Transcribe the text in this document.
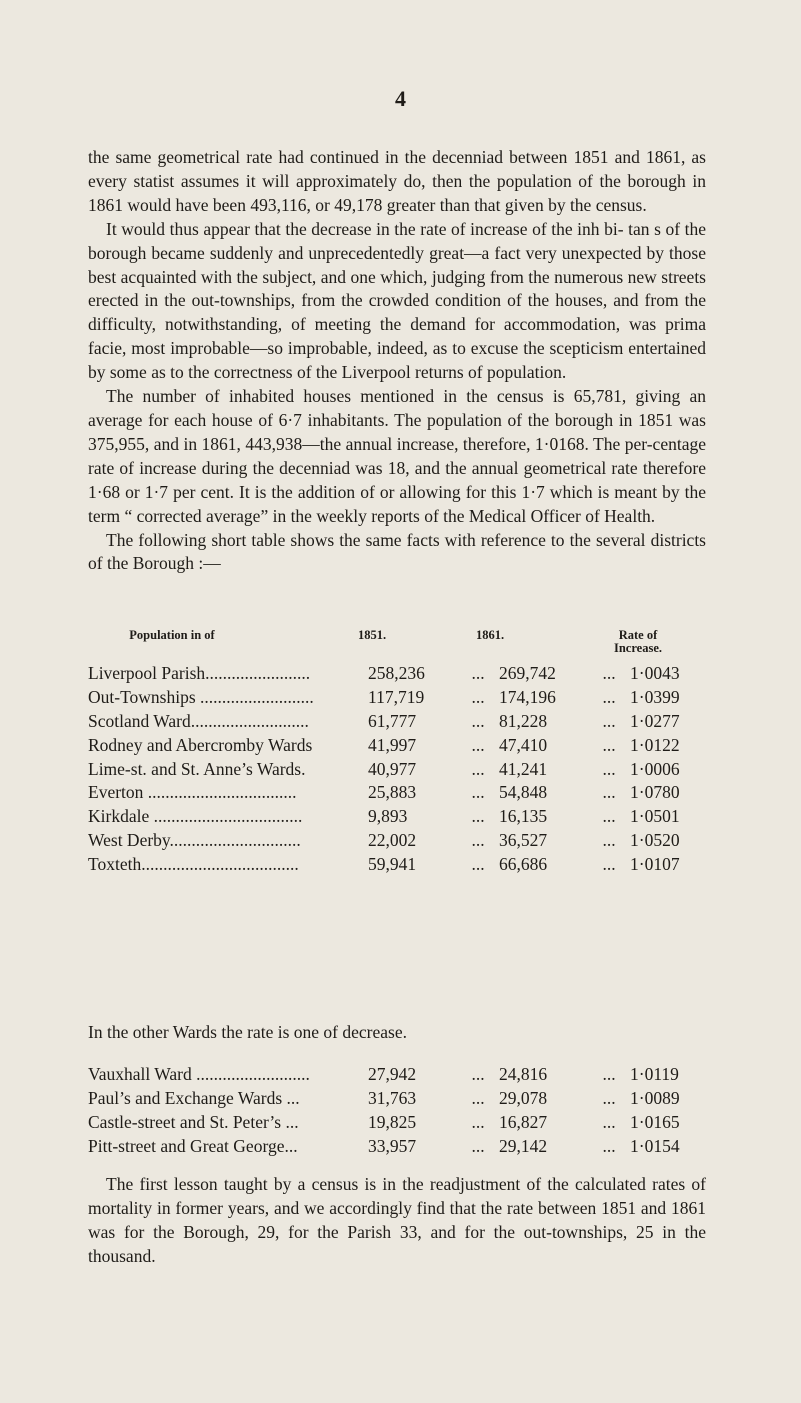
4

the same geometrical rate had continued in the decenniad between 1851 and 1861, as every statist assumes it will approximately do, then the population of the borough in 1861 would have been 493,116, or 49,178 greater than that given by the census.

It would thus appear that the decrease in the rate of increase of the inh bi- tan s of the borough became suddenly and unprecedentedly great—a fact very unexpected by those best acquainted with the subject, and one which, judging from the numerous new streets erected in the out-townships, from the crowded condition of the houses, and from the difficulty, notwithstanding, of meeting the demand for accommodation, was prima facie, most improbable—so improbable, indeed, as to excuse the scepticism entertained by some as to the correctness of the Liverpool returns of population.

The number of inhabited houses mentioned in the census is 65,781, giving an average for each house of 6·7 inhabitants. The population of the borough in 1851 was 375,955, and in 1861, 443,938—the annual increase, therefore, 1·0168. The per-centage rate of increase during the decenniad was 18, and the annual geometrical rate therefore 1·68 or 1·7 per cent. It is the addition of or allowing for this 1·7 which is meant by the term “ corrected average” in the weekly reports of the Medical Officer of Health.

The following short table shows the same facts with reference to the several districts of the Borough :—

Population in of	1851.	1861.	Rate of Increase.
Liverpool Parish........................	258,236	...	269,742	...	1·0043
Out-Townships ..........................	117,719	...	174,196	...	1·0399
Scotland Ward...........................	61,777	...	81,228	...	1·0277
Rodney and Abercromby Wards	41,997	...	47,410	...	1·0122
Lime-st. and St. Anne’s Wards.	40,977	...	41,241	...	1·0006
Everton ..................................	25,883	...	54,848	...	1·0780
Kirkdale ..................................	9,893	...	16,135	...	1·0501
West Derby..............................	22,002	...	36,527	...	1·0520
Toxteth....................................	59,941	...	66,686	...	1·0107
In the other Wards the rate is one of decrease.
Vauxhall Ward ..........................	27,942	...	24,816	...	1·0119
Paul’s and Exchange Wards ...	31,763	...	29,078	...	1·0089
Castle-street and St. Peter’s ...	19,825	...	16,827	...	1·0165
Pitt-street and Great George...	33,957	...	29,142	...	1·0154

The first lesson taught by a census is in the readjustment of the calculated rates of mortality in former years, and we accordingly find that the rate between 1851 and 1861 was for the Borough, 29, for the Parish 33, and for the out-townships, 25 in the thousand.
